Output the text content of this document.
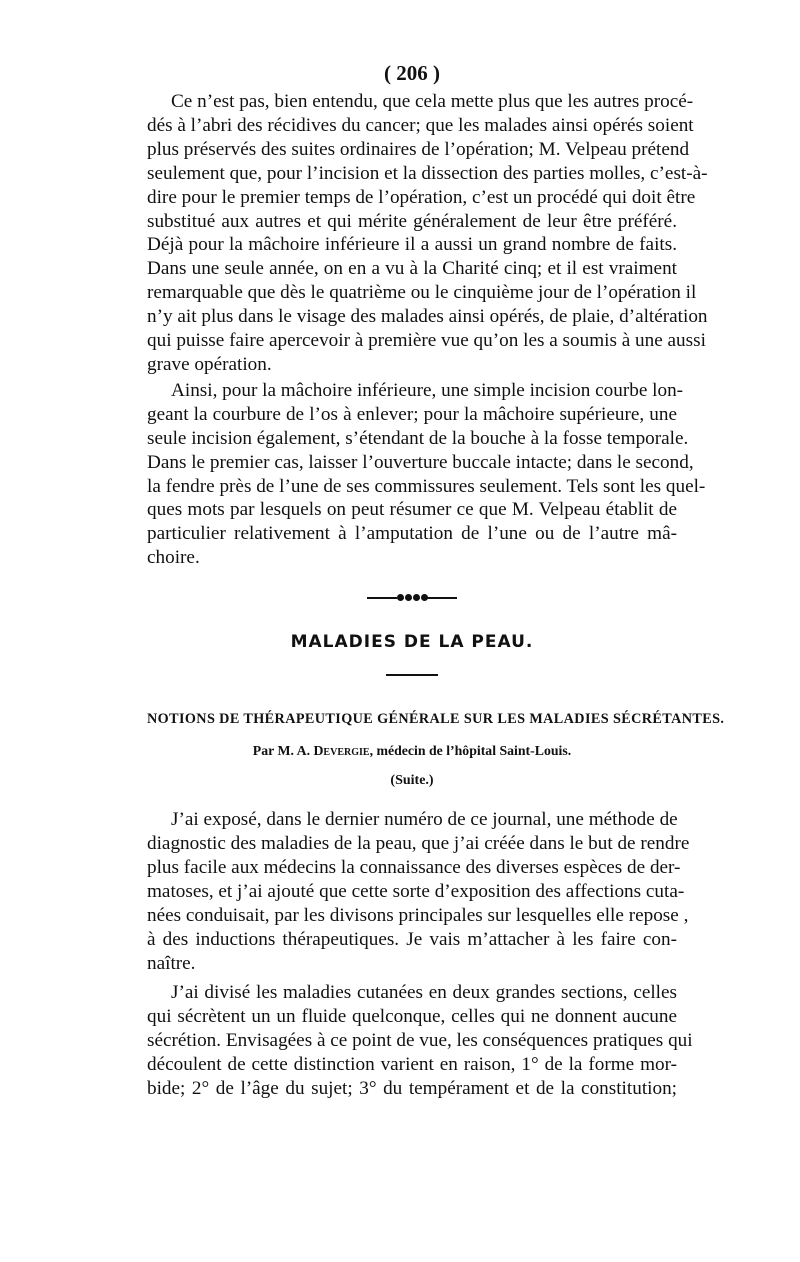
( 206 )

Ce n’est pas, bien entendu, que cela mette plus que les autres procé-
dés à l’abri des récidives du cancer; que les malades ainsi opérés soient
plus préservés des suites ordinaires de l’opération; M. Velpeau prétend
seulement que, pour l’incision et la dissection des parties molles, c’est-à-
dire pour le premier temps de l’opération, c’est un procédé qui doit être
substitué aux autres et qui mérite généralement de leur être préféré.
Déjà pour la mâchoire inférieure il a aussi un grand nombre de faits.
Dans une seule année, on en a vu à la Charité cinq; et il est vraiment
remarquable que dès le quatrième ou le cinquième jour de l’opération il
n’y ait plus dans le visage des malades ainsi opérés, de plaie, d’altération
qui puisse faire apercevoir à première vue qu’on les a soumis à une aussi
grave opération.

Ainsi, pour la mâchoire inférieure, une simple incision courbe lon-
geant la courbure de l’os à enlever; pour la mâchoire supérieure, une
seule incision également, s’étendant de la bouche à la fosse temporale.
Dans le premier cas, laisser l’ouverture buccale intacte; dans le second,
la fendre près de l’une de ses commissures seulement. Tels sont les quel-
ques mots par lesquels on peut résumer ce que M. Velpeau établit de
particulier relativement à l’amputation de l’une ou de l’autre mâ-
choire.

MALADIES DE LA PEAU.
NOTIONS DE THÉRAPEUTIQUE GÉNÉRALE SUR LES MALADIES SÉCRÉTANTES.
Par M. A. Devergie, médecin de l’hôpital Saint-Louis.
(Suite.)

J’ai exposé, dans le dernier numéro de ce journal, une méthode de
diagnostic des maladies de la peau, que j’ai créée dans le but de rendre
plus facile aux médecins la connaissance des diverses espèces de der-
matoses, et j’ai ajouté que cette sorte d’exposition des affections cuta-
nées conduisait, par les divisons principales sur lesquelles elle repose ,
à des inductions thérapeutiques. Je vais m’attacher à les faire con-
naître.

J’ai divisé les maladies cutanées en deux grandes sections, celles
qui sécrètent un un fluide quelconque, celles qui ne donnent aucune
sécrétion. Envisagées à ce point de vue, les conséquences pratiques qui
découlent de cette distinction varient en raison, 1° de la forme mor-
bide; 2° de l’âge du sujet; 3° du tempérament et de la constitution;
